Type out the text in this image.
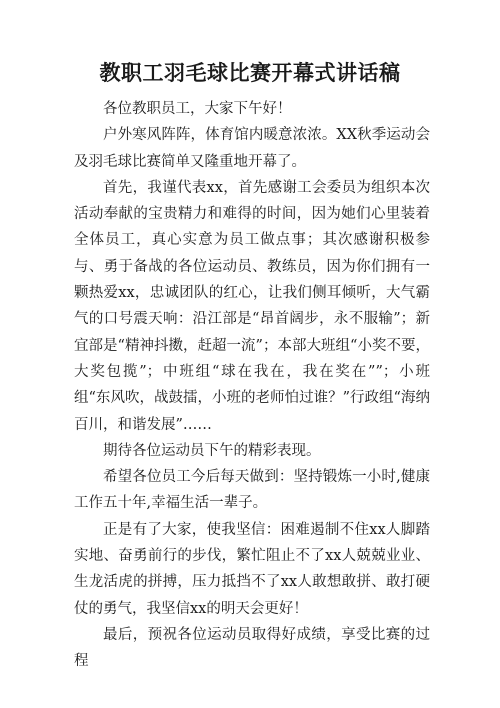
教职工羽毛球比赛开幕式讲话稿

各位教职员工，大家下午好！

户外寒风阵阵，体育馆内暖意浓浓。XX秋季运动会及羽毛球比赛简单又隆重地开幕了。

首先，我谨代表xx，首先感谢工会委员为组织本次活动奉献的宝贵精力和难得的时间，因为她们心里装着全体员工，真心实意为员工做点事；其次感谢积极参与、勇于备战的各位运动员、教练员，因为你们拥有一颗热爱xx，忠诚团队的红心，让我们侧耳倾听，大气霸气的口号震天响：沿江部是“昂首阔步，永不服输”；新宜部是“精神抖擞，赶超一流”；本部大班组“小奖不要，大奖包揽”；中班组“球在我在，我在奖在””；小班组“东风吹，战鼓擂，小班的老师怕过谁？”行政组“海纳百川，和谐发展”……

期待各位运动员下午的精彩表现。

希望各位员工今后每天做到：坚持锻炼一小时,健康工作五十年,幸福生活一辈子。

正是有了大家，使我坚信：困难遏制不住xx人脚踏实地、奋勇前行的步伐，繁忙阻止不了xx人兢兢业业、生龙活虎的拼搏，压力抵挡不了xx人敢想敢拼、敢打硬仗的勇气，我坚信xx的明天会更好！

最后，预祝各位运动员取得好成绩，享受比赛的过程
